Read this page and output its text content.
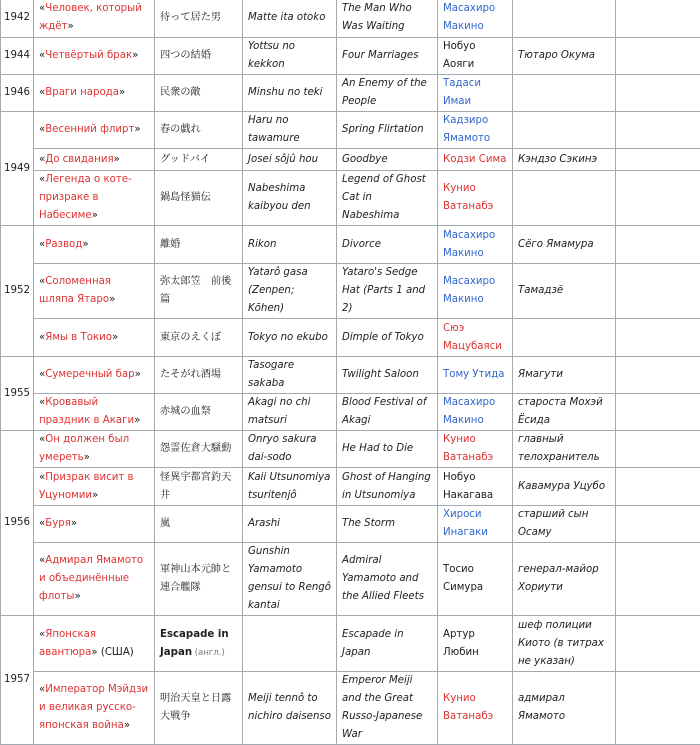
1942	«Человек, который ждёт»	待って居た男	Matte ita otoko	The Man Who Was Waiting	Масахиро Макино		
1944	«Четвёртый брак»	四つの結婚	Yottsu no kekkon	Four Marriages	Нобуо Аояги	Тютаро Окума	
1946	«Враги народа»	民衆の敵	Minshu no teki	An Enemy of the People	Тадаси Имаи		
1949	«Весенний флирт»	春の戯れ	Haru no tawamure	Spring Flirtation	Кадзиро Ямамото		
	«До свидания»	グッドバイ	Josei sôjû hou	Goodbye	Кодзи Сима	Кэндзо Сэкинэ	
	«Легенда о коте-призраке в Набесиме»	鍋島怪猫伝	Nabeshima kaibyou den	Legend of Ghost Cat in Nabeshima	Кунио Ватанабэ		
1952	«Развод»	離婚	Rikon	Divorce	Масахиро Макино	Сёго Ямамура	
	«Соломенная шляпа Ятаро»	弥太郎笠　前後篇	Yatarô gasa (Zenpen; Kōhen)	Yataro's Sedge Hat (Parts 1 and 2)	Масахиро Макино	Тамадзё	
	«Ямы в Токио»	東京のえくぼ	Tokyo no ekubo	Dimple of Tokyo	Сюэ Мацубаяси		
1955	«Сумеречный бар»	たそがれ酒場	Tasogare sakaba	Twilight Saloon	Тому Утида	Ямагути	
	«Кровавый праздник в Акаги»	赤城の血祭	Akagi no chi matsuri	Blood Festival of Akagi	Масахиро Макино	староста Мохэй Ёсида	
1956	«Он должен был умереть»	怨霊佐倉大騒動	Onryo sakura dai-sodo	He Had to Die	Кунио Ватанабэ	главный телохранитель	
	«Призрак висит в Уцуномии»	怪異宇都宮釣天井	Kaii Utsunomiya tsuritenjô	Ghost of Hanging in Utsunomiya	Нобуо Накагава	Кавамура Уцубо	
	«Буря»	嵐	Arashi	The Storm	Хироси Инагаки	старший сын Осаму	
	«Адмирал Ямамото и объединённые флоты»	軍神山本元帥と連合艦隊	Gunshin Yamamoto gensui to Rengô kantai	Admiral Yamamoto and the Allied Fleets	Тосио Симура	генерал-майор Хориути	
1957	«Японская авантюра» (США)	Escapade in Japan (англ.)		Escapade in Japan	Артур Любин	шеф полиции Киото (в титрах не указан)	
	«Император Мэйдзи и великая русско-японская война»	明治天皇と日露大戦争	Meiji tennô to nichiro daisenso	Emperor Meiji and the Great Russo-Japanese War	Кунио Ватанабэ	адмирал Ямамото	
